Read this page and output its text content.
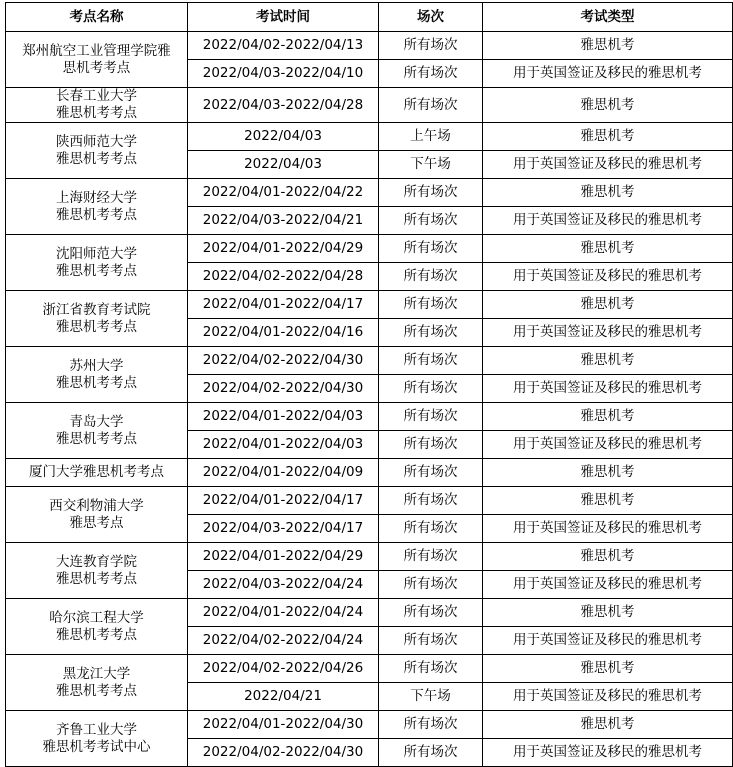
考点名称	考试时间	场次	考试类型

郑州航空工业管理学院雅
思机考考点	2022/04/02-2022/04/13	所有场次	雅思机考
	2022/04/03-2022/04/10	所有场次	用于英国签证及移民的雅思机考

长春工业大学
雅思机考考点	2022/04/03-2022/04/28	所有场次	雅思机考

陕西师范大学
雅思机考考点	2022/04/03	上午场	雅思机考
	2022/04/03	下午场	用于英国签证及移民的雅思机考

上海财经大学
雅思机考考点	2022/04/01-2022/04/22	所有场次	雅思机考
	2022/04/03-2022/04/21	所有场次	用于英国签证及移民的雅思机考

沈阳师范大学
雅思机考考点	2022/04/01-2022/04/29	所有场次	雅思机考
	2022/04/02-2022/04/28	所有场次	用于英国签证及移民的雅思机考

浙江省教育考试院
雅思机考考点	2022/04/01-2022/04/17	所有场次	雅思机考
	2022/04/01-2022/04/16	所有场次	用于英国签证及移民的雅思机考

苏州大学
雅思机考考点	2022/04/02-2022/04/30	所有场次	雅思机考
	2022/04/02-2022/04/30	所有场次	用于英国签证及移民的雅思机考

青岛大学
雅思机考考点	2022/04/01-2022/04/03	所有场次	雅思机考
	2022/04/01-2022/04/03	所有场次	用于英国签证及移民的雅思机考

厦门大学雅思机考考点	2022/04/01-2022/04/09	所有场次	雅思机考

西交利物浦大学
雅思考点	2022/04/01-2022/04/17	所有场次	雅思机考
	2022/04/03-2022/04/17	所有场次	用于英国签证及移民的雅思机考

大连教育学院
雅思机考考点	2022/04/01-2022/04/29	所有场次	雅思机考
	2022/04/03-2022/04/24	所有场次	用于英国签证及移民的雅思机考

哈尔滨工程大学
雅思机考考点	2022/04/01-2022/04/24	所有场次	雅思机考
	2022/04/02-2022/04/24	所有场次	用于英国签证及移民的雅思机考

黑龙江大学
雅思机考考点	2022/04/02-2022/04/26	所有场次	雅思机考
	2022/04/21	下午场	用于英国签证及移民的雅思机考

齐鲁工业大学
雅思机考考试中心	2022/04/01-2022/04/30	所有场次	雅思机考
	2022/04/02-2022/04/30	所有场次	用于英国签证及移民的雅思机考
